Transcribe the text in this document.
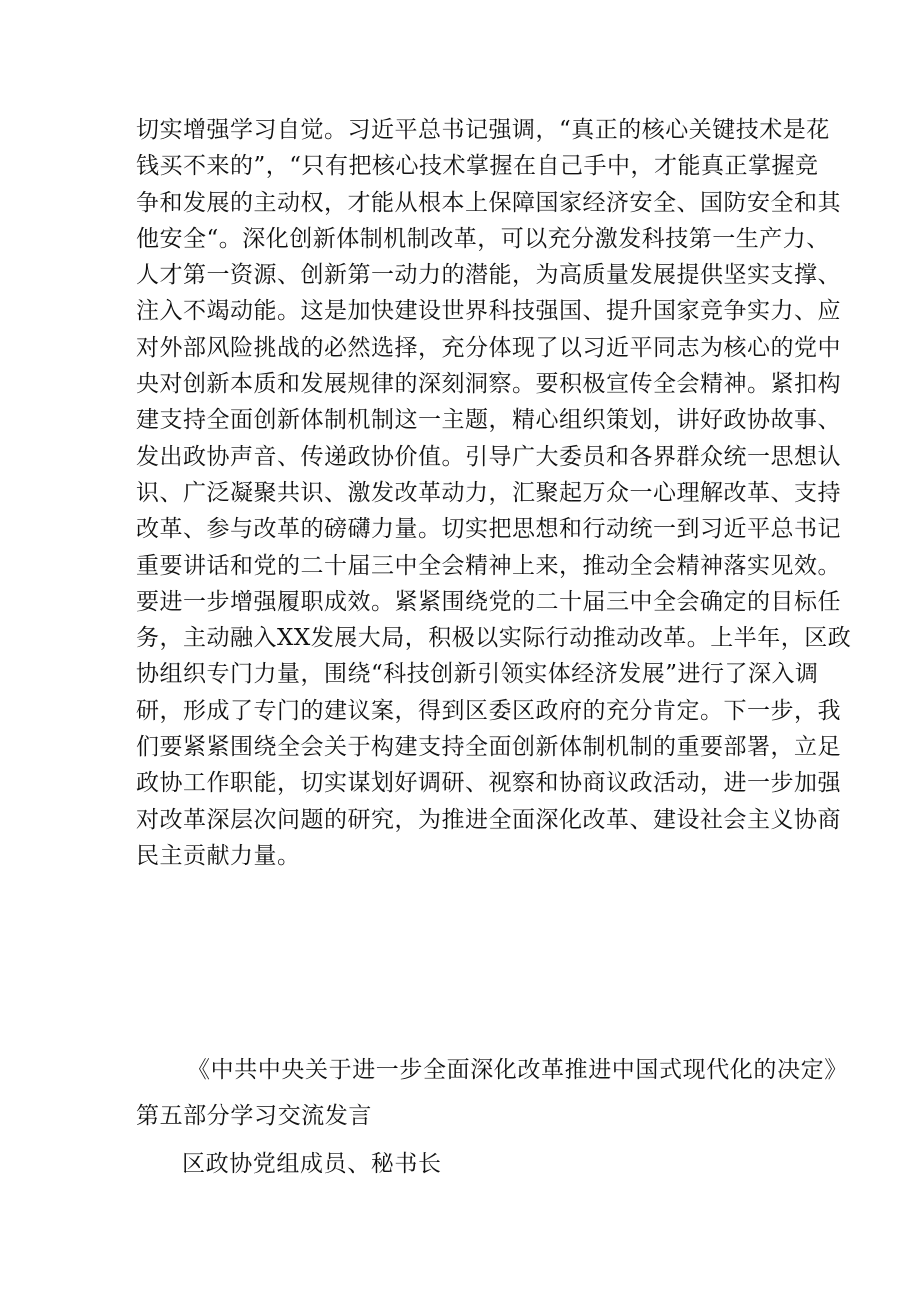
切实增强学习自觉。习近平总书记强调，“真正的核心关键技术是花
钱买不来的”，“只有把核心技术掌握在自己手中，才能真正掌握竞
争和发展的主动权，才能从根本上保障国家经济安全、国防安全和其
他安全“。深化创新体制机制改革，可以充分激发科技第一生产力、
人才第一资源、创新第一动力的潜能，为高质量发展提供坚实支撑、
注入不竭动能。这是加快建设世界科技强国、提升国家竞争实力、应
对外部风险挑战的必然选择，充分体现了以习近平同志为核心的党中
央对创新本质和发展规律的深刻洞察。要积极宣传全会精神。紧扣构
建支持全面创新体制机制这一主题，精心组织策划，讲好政协故事、
发出政协声音、传递政协价值。引导广大委员和各界群众统一思想认
识、广泛凝聚共识、激发改革动力，汇聚起万众一心理解改革、支持
改革、参与改革的磅礴力量。切实把思想和行动统一到习近平总书记
重要讲话和党的二十届三中全会精神上来，推动全会精神落实见效。
要进一步增强履职成效。紧紧围绕党的二十届三中全会确定的目标任
务，主动融入XX发展大局，积极以实际行动推动改革。上半年，区政
协组织专门力量，围绕“科技创新引领实体经济发展”进行了深入调
研，形成了专门的建议案，得到区委区政府的充分肯定。下一步，我
们要紧紧围绕全会关于构建支持全面创新体制机制的重要部署，立足
政协工作职能，切实谋划好调研、视察和协商议政活动，进一步加强
对改革深层次问题的研究，为推进全面深化改革、建设社会主义协商
民主贡献力量。
《中共中央关于进一步全面深化改革推进中国式现代化的决定》
第五部分学习交流发言
区政协党组成员、秘书长
